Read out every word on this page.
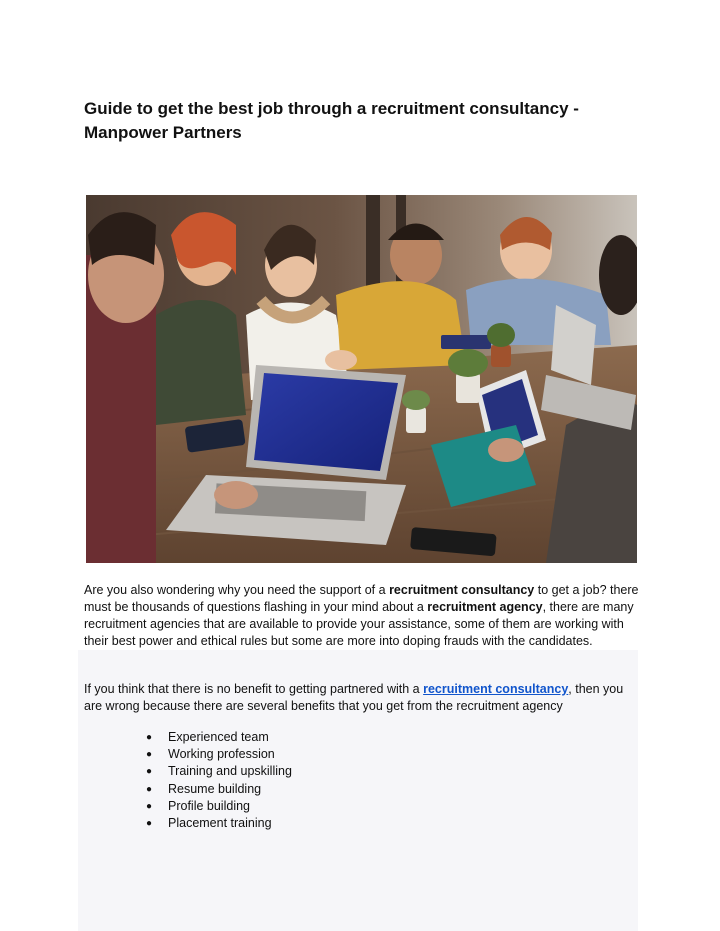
Guide to get the best job through a recruitment consultancy - Manpower Partners

Are you also wondering why you need the support of a recruitment consultancy to get a job? there must be thousands of questions flashing in your mind about a recruitment agency, there are many recruitment agencies that are available to provide your assistance, some of them are working with their best power and ethical rules but some are more into doping frauds with the candidates.

If you think that there is no benefit to getting partnered with a recruitment consultancy, then you are wrong because there are several benefits that you get from the recruitment agency

● Experienced team
● Working profession
● Training and upskilling
● Resume building
● Profile building
● Placement training
